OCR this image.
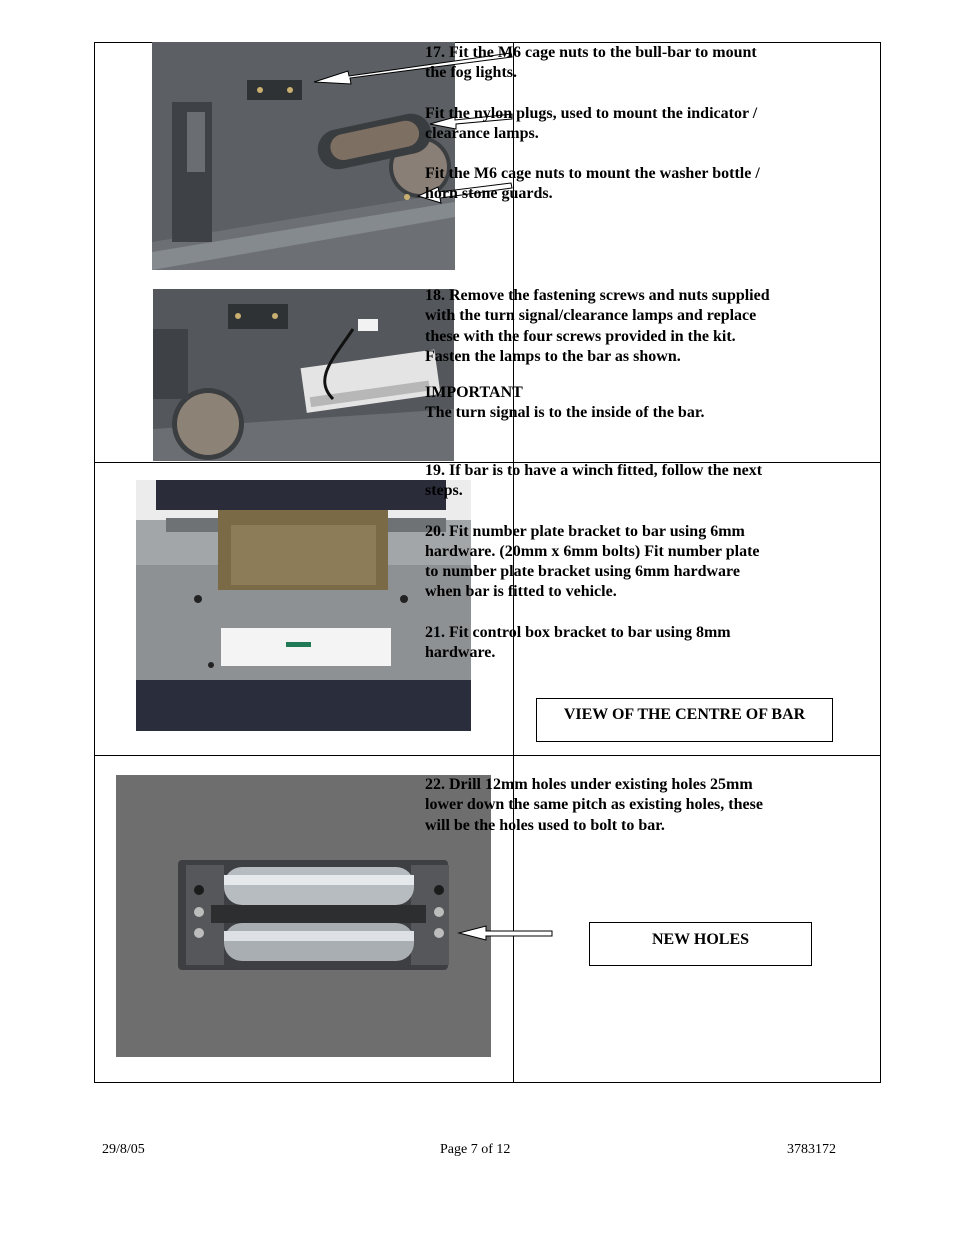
17. Fit the M6 cage nuts to the bull-bar to mount the fog lights.

Fit the nylon plugs, used to mount the indicator / clearance lamps.

Fit the M6 cage nuts to mount the washer bottle / horn stone guards.

18. Remove the fastening screws and nuts supplied with the turn signal/clearance lamps and replace these with the four screws provided in the kit. Fasten the lamps to the bar as shown.

IMPORTANT
The turn signal is to the inside of the bar.

19. If bar is to have a winch fitted, follow the next steps.

20. Fit number plate bracket to bar using 6mm hardware. (20mm x 6mm bolts) Fit number plate to number plate bracket using 6mm hardware when bar is fitted to vehicle.

21. Fit control box bracket to bar using 8mm hardware.

VIEW OF THE CENTRE OF BAR

22. Drill 12mm holes under existing holes 25mm lower down the same pitch as existing holes, these will be the holes used to bolt to bar.

NEW HOLES
29/8/05	Page 7 of 12	3783172
